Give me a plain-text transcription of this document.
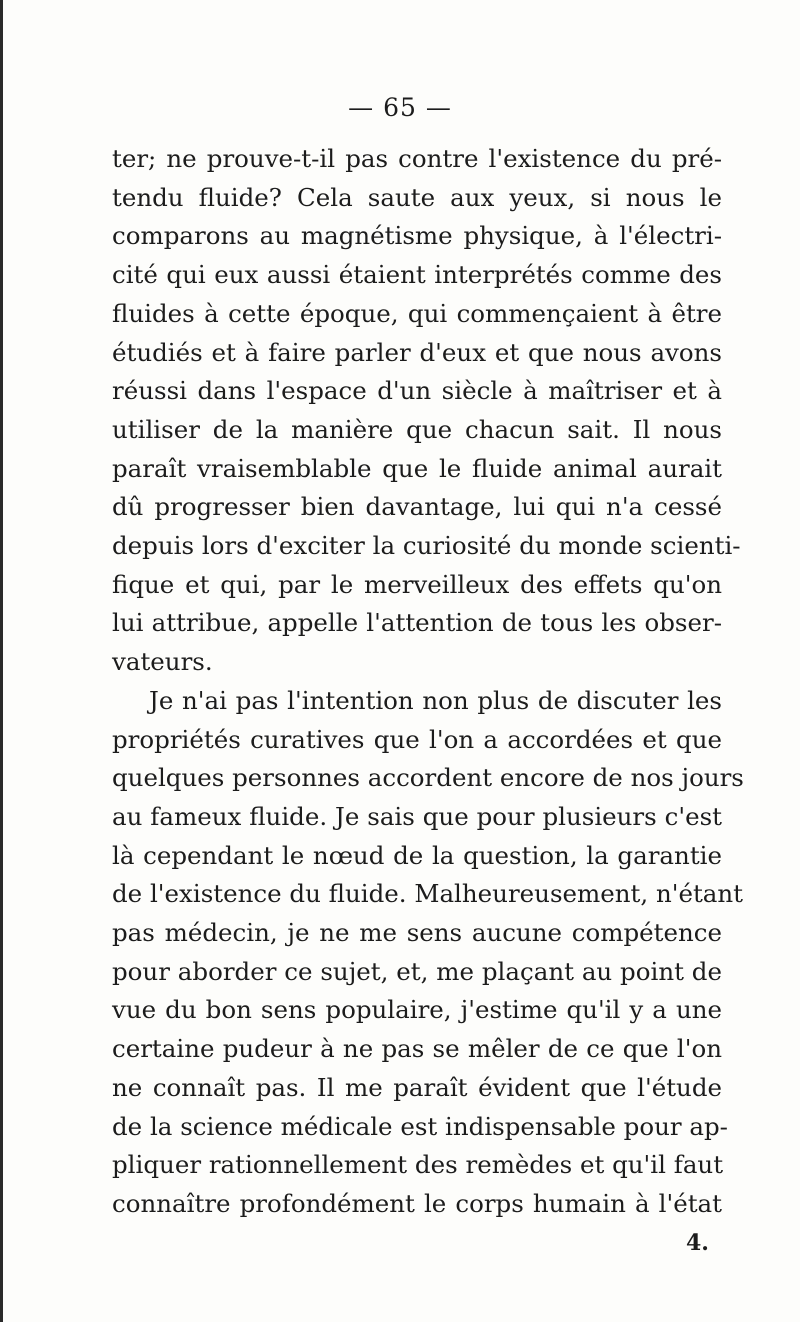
— 65 —
ter; ne prouve-t-il pas contre l'existence du pré-
tendu fluide? Cela saute aux yeux, si nous le
comparons au magnétisme physique, à l'électri-
cité qui eux aussi étaient interprétés comme des
fluides à cette époque, qui commençaient à être
étudiés et à faire parler d'eux et que nous avons
réussi dans l'espace d'un siècle à maîtriser et à
utiliser de la manière que chacun sait. Il nous
paraît vraisemblable que le fluide animal aurait
dû progresser bien davantage, lui qui n'a cessé
depuis lors d'exciter la curiosité du monde scienti-
fique et qui, par le merveilleux des effets qu'on
lui attribue, appelle l'attention de tous les obser-
vateurs.
Je n'ai pas l'intention non plus de discuter les
propriétés curatives que l'on a accordées et que
quelques personnes accordent encore de nos jours
au fameux fluide. Je sais que pour plusieurs c'est
là cependant le nœud de la question, la garantie
de l'existence du fluide. Malheureusement, n'étant
pas médecin, je ne me sens aucune compétence
pour aborder ce sujet, et, me plaçant au point de
vue du bon sens populaire, j'estime qu'il y a une
certaine pudeur à ne pas se mêler de ce que l'on
ne connaît pas. Il me paraît évident que l'étude
de la science médicale est indispensable pour ap-
pliquer rationnellement des remèdes et qu'il faut
connaître profondément le corps humain à l'état
4.
